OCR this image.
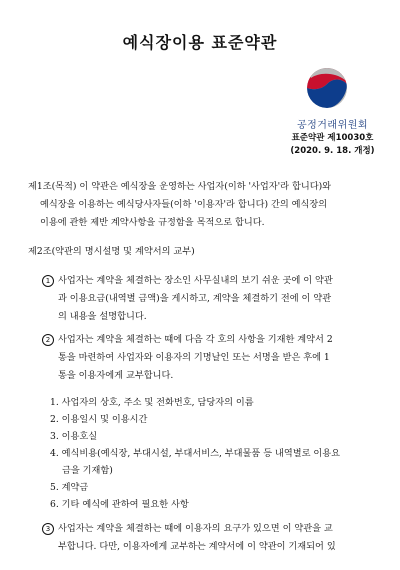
예식장이용 표준약관
공정거래위원회
표준약관 제10030호
(2020. 9. 18. 개정)
제1조(목적) 이 약관은 예식장을 운영하는 사업자(이하 '사업자'라 합니다)와
예식장을 이용하는 예식당사자들(이하 '이용자'라 합니다) 간의 예식장의
이용에 관한 제반 계약사항을 규정함을 목적으로 합니다.
제2조(약관의 명시설명 및 계약서의 교부)
1 사업자는 계약을 체결하는 장소인 사무실내의 보기 쉬운 곳에 이 약관
과 이용요금(내역별 금액)을 게시하고, 계약을 체결하기 전에 이 약관
의 내용을 설명합니다.
2 사업자는 계약을 체결하는 때에 다음 각 호의 사항을 기재한 계약서 2
통을 마련하여 사업자와 이용자의 기명날인 또는 서명을 받은 후에 1
통을 이용자에게 교부합니다.
1. 사업자의 상호, 주소 및 전화번호, 담당자의 이름
2. 이용일시 및 이용시간
3. 이용호실
4. 예식비용(예식장, 부대시설, 부대서비스, 부대물품 등 내역별로 이용요
금을 기재함)
5. 계약금
6. 기타 예식에 관하여 필요한 사항
3 사업자는 계약을 체결하는 때에 이용자의 요구가 있으면 이 약관을 교
부합니다. 다만, 이용자에게 교부하는 계약서에 이 약관이 기재되어 있
